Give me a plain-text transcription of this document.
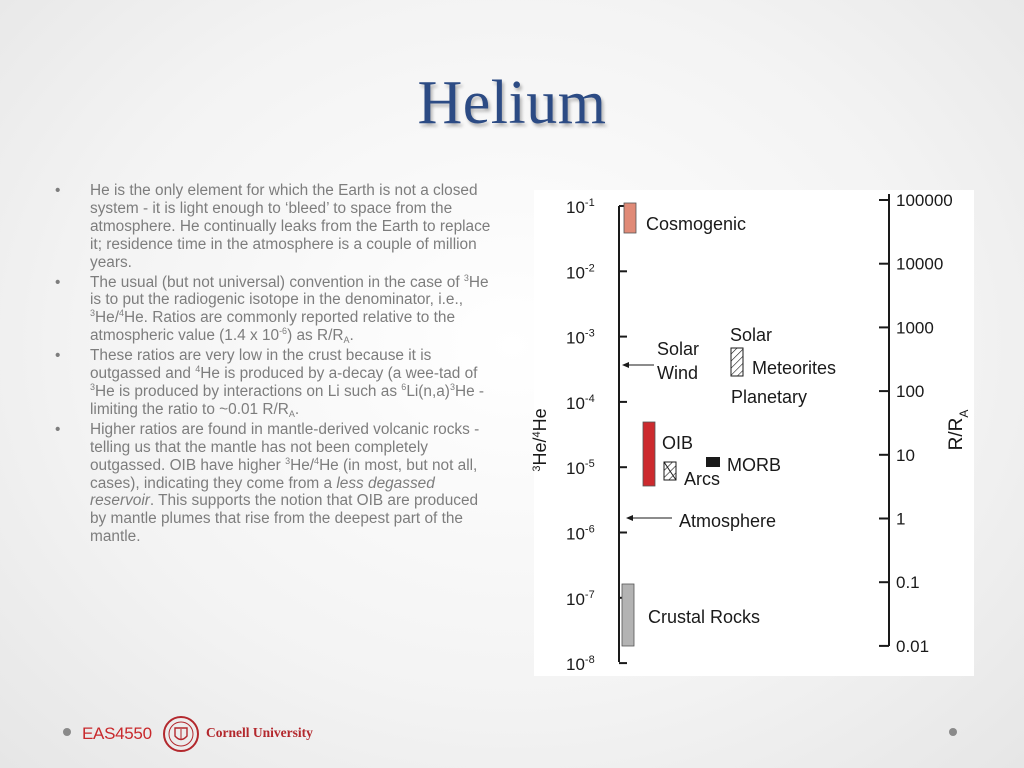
Helium
• He is the only element for which the Earth is not a closed system - it is light enough to ‘bleed’ to space from the atmosphere. He continually leaks from the Earth to replace it; residence time in the atmosphere is a couple of million years.
• The usual (but not universal) convention in the case of $^3$He is to put the radiogenic isotope in the denominator, i.e., $^3$He/$^4$He. Ratios are commonly reported relative to the atmospheric value (1.4 x $10^{-6}$) as $R/R_A$.
• These ratios are very low in the crust because it is outgassed and $^4$He is produced by a-decay (a wee-tad of $^3$He is produced by interactions on Li such as $^6Li(n,a)^3He$ - limiting the ratio to ~0.01 $R/R_A$.
• Higher ratios are found in mantle-derived volcanic rocks - telling us that the mantle has not been completely outgassed. OIB have higher $^3$He/$^4$He (in most, but not all, cases), indicating they come from a less degassed reservoir. This supports the notion that OIB are produced by mantle plumes that rise from the deepest part of the mantle.
$10^{-1}$
$10^{-2}$
$10^{-3}$
$10^{-4}$
$10^{-5}$
$10^{-6}$
$10^{-7}$
$10^{-8}$
$^3$He/$^4$He
100000
10000
1000
100
10
1
0.1
0.01
$R/R_A$
Cosmogenic
Solar
Wind
Solar
Meteorites
Planetary
OIB
Arcs
MORB
Atmosphere
Crustal Rocks
EAS4550	Cornell University
